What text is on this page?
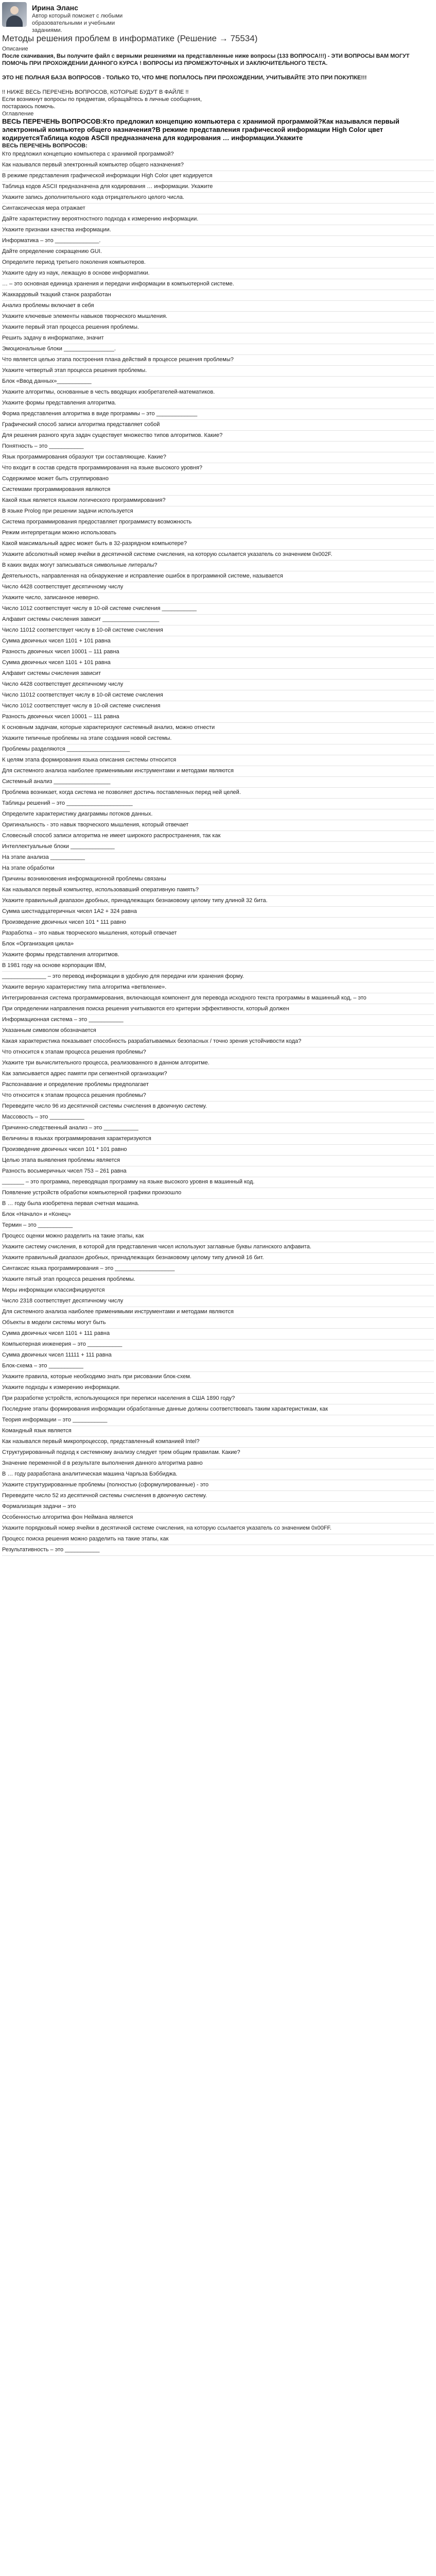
Ирина Эланс
Автор который поможет с любыми образовательными и учебными заданиями.
Методы решения проблем в информатике (Решение → 75534)
Описание
После скачивания, Вы получите файл с верными решениями на представленные ниже вопросы (133 ВОПРОСА!!!) - ЭТИ ВОПРОСЫ ВАМ МОГУТ ПОМОЧЬ ПРИ ПРОХОЖДЕНИИ ДАННОГО КУРСА ! ВОПРОСЫ ИЗ ПРОМЕЖУТОЧНЫХ И ЗАКЛЮЧИТЕЛЬНОГО ТЕСТА.
ЭТО НЕ ПОЛНАЯ БАЗА ВОПРОСОВ - ТОЛЬКО ТО, ЧТО МНЕ ПОПАЛОСЬ ПРИ ПРОХОЖДЕНИИ, УЧИТЫВАЙТЕ ЭТО ПРИ ПОКУПКЕ!!!
!! НИЖЕ ВЕСЬ ПЕРЕЧЕНЬ ВОПРОСОВ, КОТОРЫЕ БУДУТ В ФАЙЛЕ !!
Если возникнут вопросы по предметам, обращайтесь в личные сообщения,
постараюсь помочь.
Оглавление
ВЕСЬ ПЕРЕЧЕНЬ ВОПРОСОВ:Кто предложил концепцию компьютера с хранимой программой?Как называлcя первый электронный компьютер общего назначения?В режиме представления графической информации High Color цвет кодируетсяТаблица кодов ASCII предназначена для кодирования … информации.Укажите
ВЕСЬ ПЕРЕЧЕНЬ ВОПРОСОВ:
Кто предложил концепцию компьютера с хранимой программой?
Как назывался первый электронный компьютер общего назначения?
В режиме представления графической информации High Color цвет кодируется
Таблица кодов ASCII предназначена для кодирования … информации. Укажите
Укажите запись дополнительного кода отрицательного целого числа.
Синтаксическая мера отражает
Дайте характеристику вероятностного подхода к измерению информации.
Укажите признаки качества информации.
Информатика – это ______________.
Дайте определение сокращению GUI.
Определите период третьего поколения компьютеров.
Укажите одну из наук, лежащую в основе информатики.
… – это основная единица хранения и передачи информации в компьютерной системе.
Жаккардовый ткацкий станок разработан
Анализ проблемы включает в себя
Укажите ключевые элементы навыков творческого мышления.
Укажите первый этап процесса решения проблемы.
Решить задачу в информатике, значит
Эмоциональные блоки ________________.
Что является целью этапа построения плана действий в процессе решения проблемы?
Укажите четвертый этап процесса решения проблемы.
Блок «Ввод данных»___________
Укажите алгоритмы, основанные в честь вводящих изобретателей-математиков.
Укажите формы представления алгоритма.
Форма представления алгоритма в виде программы – это _____________
Графический способ записи алгоритма представляет собой
Для решения разного круга задач существует множество типов алгоритмов. Какие?
Понятность – это ___________
Язык программирования образуют три составляющие. Какие?
Что входит в состав средств программирования на языке высокого уровня?
Содержимое может быть сгруппировано
Системами программирования являются
Какой язык является языком логического программирования?
В языке Prolog при решении задачи используется
Система программирования предоставляет программисту возможность
Режим интерпретации можно использовать
Какой максимальный адрес может быть в 32-разрядном компьютере?
Укажите абсолютный номер ячейки в десятичной системе счисления, на которую ссылается указатель со значением 0x002F.
В каких видах могут записываться символьные литералы?
Деятельность, направленная на обнаружение и исправление ошибок в программной системе, называется
Число 4428 соответствует десятичному числу
Укажите число, записанное неверно.
Число 1012 соответствует числу в 10-ой системе счисления ___________
Алфавит системы счисления зависит __________________
Число 11012 соответствует числу в 10-ой системе счисления
Сумма двоичных чисел 1101 + 101 равна
Разность двоичных чисел 10001 – 111 равна
Сумма двоичных чисел 1101 + 101 равна
Алфавит системы счисления зависит
Число 4428 соответствует десятичному числу
Число 11012 соответствует числу в 10-ой системе счисления
Число 1012 соответствует числу в 10-ой системе счисления
Разность двоичных чисел 10001 – 111 равна
К основным задачам, которые характеризуют системный анализ, можно отнести
Укажите типичные проблемы на этапе создания новой системы.
Проблемы разделяются ____________________
К целям этапа формирования языка описания системы относится
Для системного анализа наиболее применимыми инструментами и методами являются
Системный анализ __________________
Проблема возникает, когда система не позволяет достичь поставленных перед ней целей.
Таблицы решений – это _____________________
Определите характеристику диаграммы потоков данных.
Оригинальность - это навык творческого мышления, который отвечает
Словесный способ записи алгоритма не имеет широкого распространения, так как
Интеллектуальные блоки ______________
На этапе анализа ___________
На этапе обработки
Причины возникновения информационной проблемы связаны
Как называлcя первый компьютер, использовавший оперативную память?
Укажите правильный диапазон дробных, принадлежащих безнаковому целому типу длиной 32 бита.
Сумма шестнадцатеричных чисел 1A2 + 324 равна
Произведение двоичных чисел 101 * 111 равно
Разработка – это навык творческого мышления, который отвечает
Блок «Организация цикла»
Укажите формы представления алгоритмов.
В 1981 году на основе корпорации IBM,
______________ – это перевод информации в удобную для передачи или хранения форму.
Укажите верную характеристику типа алгоритма «ветвление».
Интегрированная система программирования, включающая компонент для перевода исходного текста программы в машинный код, – это
При определении направления поиска решения учитываются его критерии эффективности, который должен
Информационная система – это ___________
Указанным символом обозначается
Какая характеристика показывает способность разрабатываемых безопасных / точно зрения устойчивости кода?
Что относится к этапам процесса решения проблемы?
Укажите три вычислительного процесса, реализованного в данном алгоритме.
Как записывается адрес памяти при сегментной организации?
Распознавание и определение проблемы предполагает
Что относится к этапам процесса решения проблемы?
Переведите число 96 из десятичной системы счисления в двоичную систему.
Массовость – это ___________
Причинно-следственный анализ – это ___________
Величины в языках программирования характеризуются
Произведение двоичных чисел 101 * 101 равно
Целью этапа выявления проблемы является
Разность восьмеричных чисел 753 – 261 равна
_______ – это программа, переводящая программу на языке высокого уровня в машинный код.
Появление устройств обработки компьютерной графики произошло
В … году была изобретена первая счетная машина.
Блок «Начало» и «Конец»
Термин – это ___________
Процесс оценки можно разделить на такие этапы, как
Укажите систему счисления, в которой для представления чисел используют заглавные буквы латинского алфавита.
Укажите правильный диапазон дробных, принадлежащих безнаковому целому типу длиной 16 бит.
Синтаксис языка программирования – это ___________________
Укажите пятый этап процесса решения проблемы.
Меры информации классифицируются
Число 2318 соответствует десятичному числу
Для системного анализа наиболее применимыми инструментами и методами являются
Объекты в модели системы могут быть
Сумма двоичных чисел 1101 + 111 равна
Компьютерная инженерия – это ___________
Сумма двоичных чисел 11111 + 111 равна
Блок-схема – это ___________
Укажите правила, которые необходимо знать при рисовании блок-схем.
Укажите подходы к измерению информации.
При разработке устройств, использующихся при переписи населения в США 1890 году?
Последние этапы формирования информации обработанные данные должны соответствовать таким характеристикам, как
Теория информации – это ___________
Командный язык является
Как называлcя первый микропроцессор, представленный компанией Intel?
Структурированный подход к системному анализу следует трем общим правилам. Какие?
Значение переменной d в результате выполнения данного алгоритма равно
В … году разработана аналитическая машина Чарльза Бэббиджа.
Укажите структурированные проблемы (полностью (сформулированные) - это
Переведите число 52 из десятичной системы счисления в двоичную систему.
Формализация задачи – это
Особенностью алгоритма фон Неймана является
Укажите порядковый номер ячейки в десятичной системе счисления, на которую ссылается указатель со значением 0x00FF.
Процесс поиска решения можно разделить на такие этапы, как
Результативность – это ___________
